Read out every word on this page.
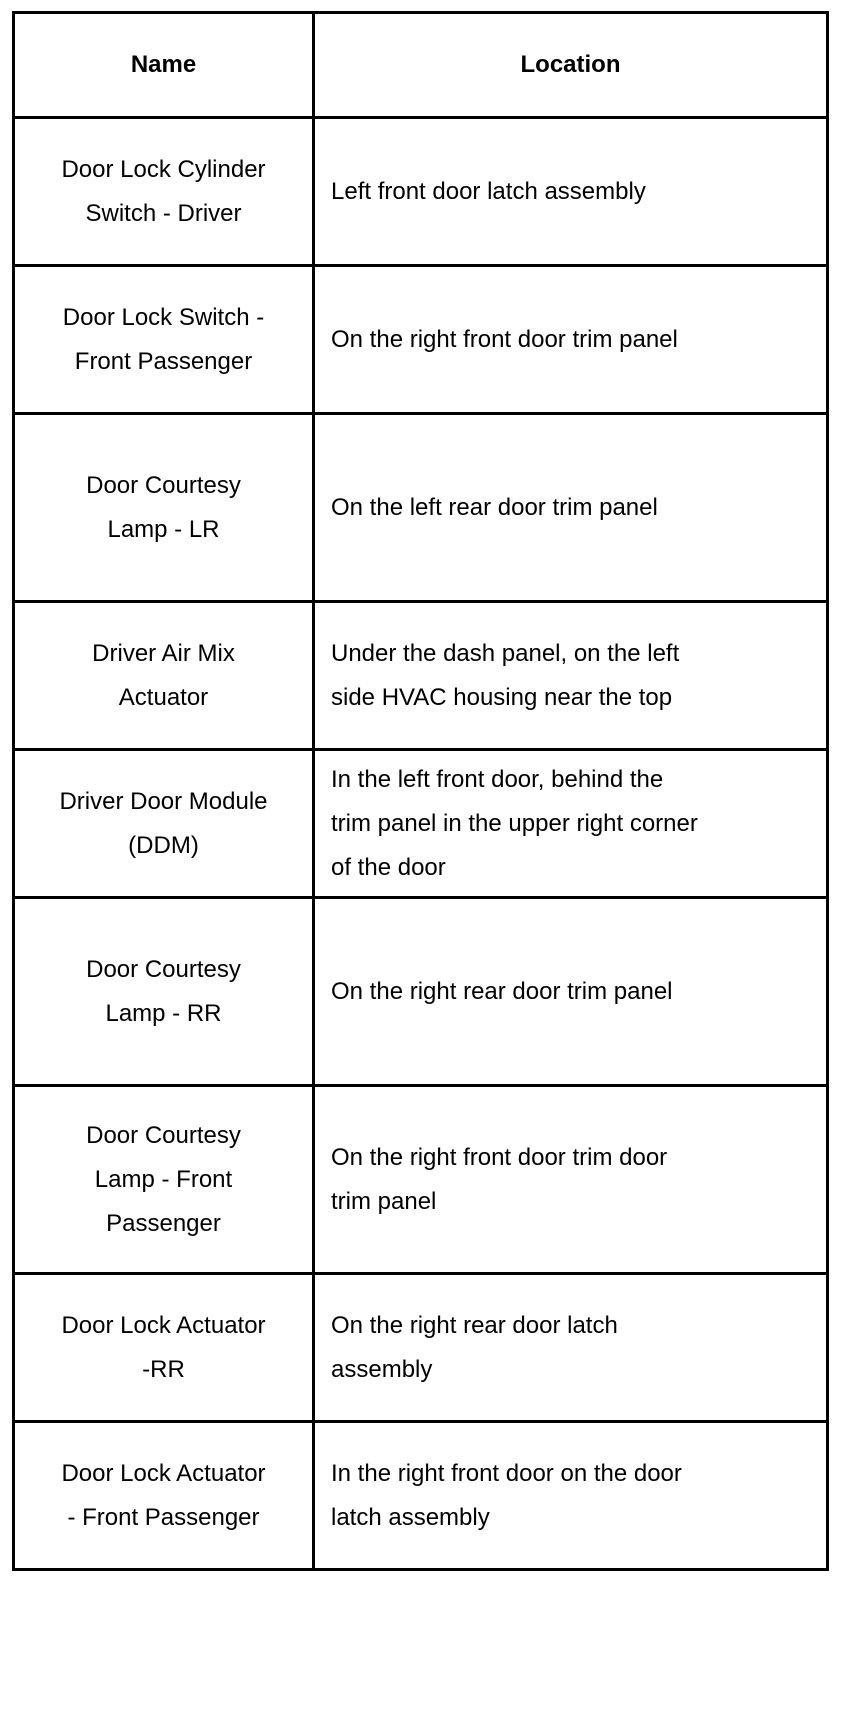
Name	Location
Door Lock Cylinder
Switch - Driver
Left front door latch assembly
Door Lock Switch -
Front Passenger
On the right front door trim panel
Door Courtesy
Lamp - LR
On the left rear door trim panel
Driver Air Mix
Actuator
Under the dash panel, on the left
side HVAC housing near the top
Driver Door Module
(DDM)
In the left front door, behind the
trim panel in the upper right corner
of the door
Door Courtesy
Lamp - RR
On the right rear door trim panel
Door Courtesy
Lamp - Front
Passenger
On the right front door trim door
trim panel
Door Lock Actuator
-RR
On the right rear door latch
assembly
Door Lock Actuator
- Front Passenger
In the right front door on the door
latch assembly
